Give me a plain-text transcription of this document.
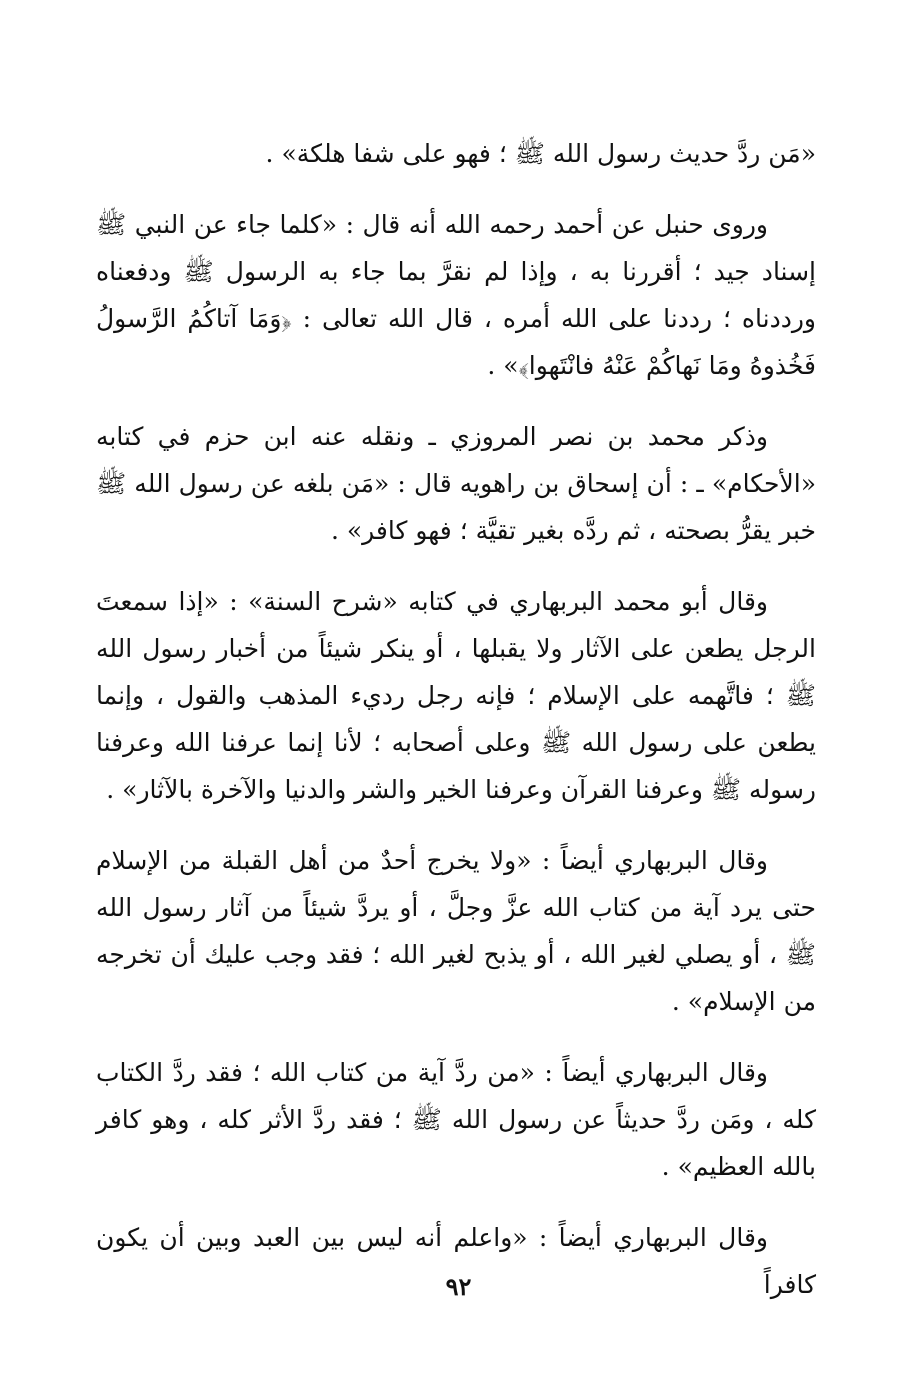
«مَن ردَّ حديث رسول الله ﷺ ؛ فهو على شفا هلكة» .

وروى حنبل عن أحمد رحمه الله أنه قال : «كلما جاء عن النبي ﷺ إسناد جيد ؛ أقررنا به ، وإذا لم نقرَّ بما جاء به الرسول ﷺ ودفعناه ورددناه ؛ رددنا على الله أمره ، قال الله تعالى : ﴿وَمَا آتاكُمُ الرَّسولُ فَخُذوهُ ومَا نَهاكُمْ عَنْهُ فانْتَهوا﴾» .

وذكر محمد بن نصر المروزي ـ ونقله عنه ابن حزم في كتابه «الأحكام» ـ : أن إسحاق بن راهويه قال : «مَن بلغه عن رسول الله ﷺ خبر يقرُّ بصحته ، ثم ردَّه بغير تقيَّة ؛ فهو كافر» .

وقال أبو محمد البربهاري في كتابه «شرح السنة» : «إذا سمعتَ الرجل يطعن على الآثار ولا يقبلها ، أو ينكر شيئاً من أخبار رسول الله ﷺ ؛ فاتَّهمه على الإسلام ؛ فإنه رجل رديء المذهب والقول ، وإنما يطعن على رسول الله ﷺ وعلى أصحابه ؛ لأنا إنما عرفنا الله وعرفنا رسوله ﷺ وعرفنا القرآن وعرفنا الخير والشر والدنيا والآخرة بالآثار» .

وقال البربهاري أيضاً : «ولا يخرج أحدٌ من أهل القبلة من الإسلام حتى يرد آية من كتاب الله عزَّ وجلَّ ، أو يردَّ شيئاً من آثار رسول الله ﷺ ، أو يصلي لغير الله ، أو يذبح لغير الله ؛ فقد وجب عليك أن تخرجه من الإسلام» .

وقال البربهاري أيضاً : «من ردَّ آية من كتاب الله ؛ فقد ردَّ الكتاب كله ، ومَن ردَّ حديثاً عن رسول الله ﷺ ؛ فقد ردَّ الأثر كله ، وهو كافر بالله العظيم» .

وقال البربهاري أيضاً : «واعلم أنه ليس بين العبد وبين أن يكون كافراً

٩٢
